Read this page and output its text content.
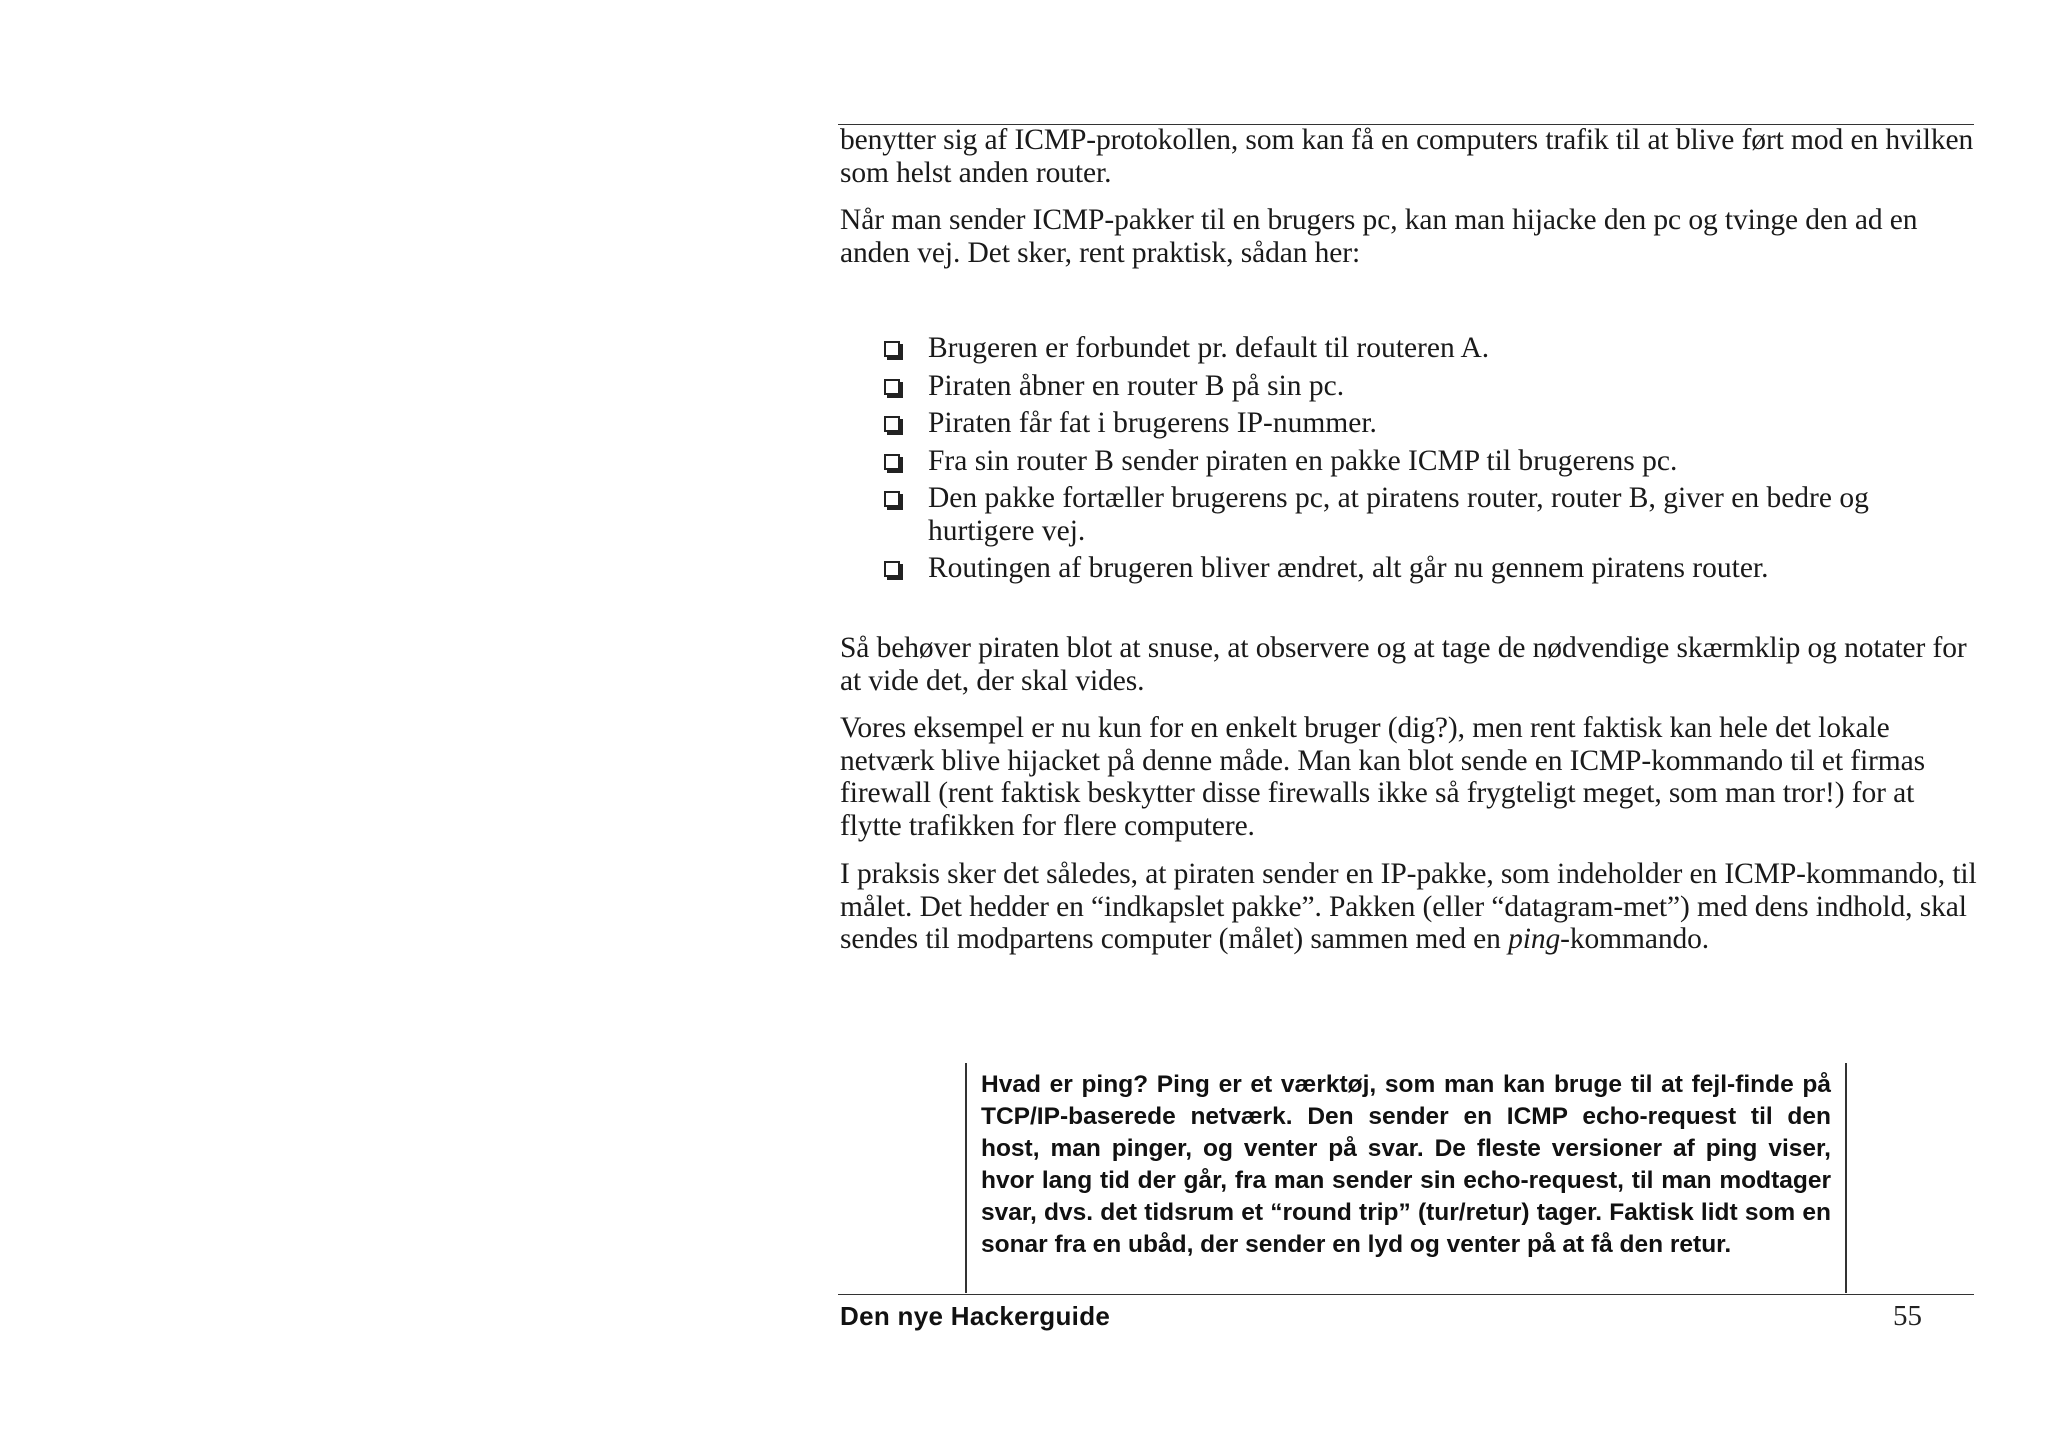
benytter sig af ICMP-protokollen, som kan få en computers trafik til at blive ført mod en hvilken som helst anden router.

Når man sender ICMP-pakker til en brugers pc, kan man hijacke den pc og tvinge den ad en anden vej. Det sker, rent praktisk, sådan her:

Brugeren er forbundet pr. default til routeren A.
Piraten åbner en router B på sin pc.
Piraten får fat i brugerens IP-nummer.
Fra sin router B sender piraten en pakke ICMP til brugerens pc.
Den pakke fortæller brugerens pc, at piratens router, router B, giver en bedre og hurtigere vej.
Routingen af brugeren bliver ændret, alt går nu gennem piratens router.

Så behøver piraten blot at snuse, at observere og at tage de nødvendige skærmklip og notater for at vide det, der skal vides.

Vores eksempel er nu kun for en enkelt bruger (dig?), men rent faktisk kan hele det lokale netværk blive hijacket på denne måde. Man kan blot sende en ICMP-kommando til et firmas firewall (rent faktisk beskytter disse firewalls ikke så frygteligt meget, som man tror!) for at flytte trafikken for flere computere.

I praksis sker det således, at piraten sender en IP-pakke, som indeholder en ICMP-kommando, til målet. Det hedder en “indkapslet pakke”. Pakken (eller “datagram-met”) med dens indhold, skal sendes til modpartens computer (målet) sammen med en ping-kommando.

Hvad er ping? Ping er et værktøj, som man kan bruge til at fejl-finde på TCP/IP-baserede netværk. Den sender en ICMP echo-request til den host, man pinger, og venter på svar. De fleste versioner af ping viser, hvor lang tid der går, fra man sender sin echo-request, til man modtager svar, dvs. det tidsrum et “round trip” (tur/retur) tager. Faktisk lidt som en sonar fra en ubåd, der sender en lyd og venter på at få den retur.
Den nye Hackerguide	55
